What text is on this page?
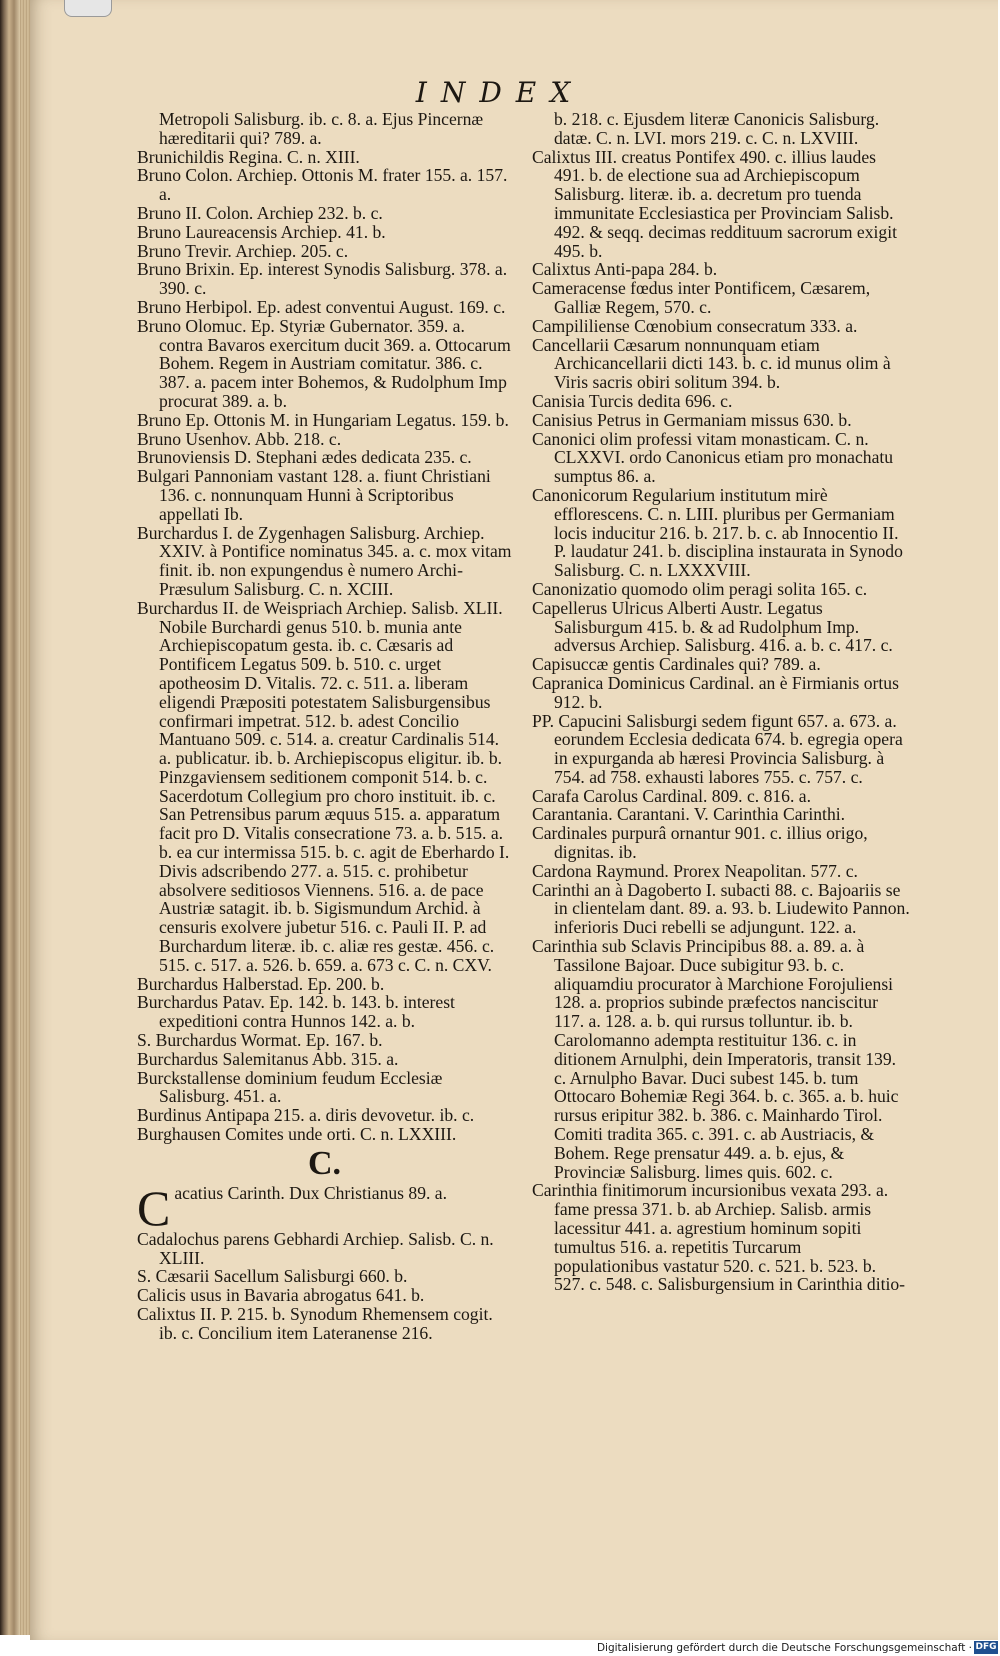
INDEX

Metropoli Salisburg. ib. c. 8. a. Ejus Pincernæ hæreditarii qui? 789. a.

Brunichildis Regina. C. n. XIII.

Bruno Colon. Archiep. Ottonis M. frater 155. a. 157. a.

Bruno II. Colon. Archiep 232. b. c.

Bruno Laureacensis Archiep. 41. b.

Bruno Trevir. Archiep. 205. c.

Bruno Brixin. Ep. interest Synodis Salisburg. 378. a. 390. c.

Bruno Herbipol. Ep. adest conventui August. 169. c.

Bruno Olomuc. Ep. Styriæ Gubernator. 359. a. contra Bavaros exercitum ducit 369. a. Ottocarum Bohem. Regem in Austriam comitatur. 386. c. 387. a. pacem inter Bohemos, & Rudolphum Imp procurat 389. a. b.

Bruno Ep. Ottonis M. in Hungariam Legatus. 159. b.

Bruno Usenhov. Abb. 218. c.

Brunoviensis D. Stephani ædes dedicata 235. c.

Bulgari Pannoniam vastant 128. a. fiunt Christiani 136. c. nonnunquam Hunni à Scriptoribus appellati Ib.

Burchardus I. de Zygenhagen Salisburg. Archiep. XXIV. à Pontifice nominatus 345. a. c. mox vitam finit. ib. non expungendus è numero Archi-Præsulum Salisburg. C. n. XCIII.

Burchardus II. de Weispriach Archiep. Salisb. XLII. Nobile Burchardi genus 510. b. munia ante Archiepiscopatum gesta. ib. c. Cæsaris ad Pontificem Legatus 509. b. 510. c. urget apotheosim D. Vitalis. 72. c. 511. a. liberam eligendi Præpositi potestatem Salisburgensibus confirmari impetrat. 512. b. adest Concilio Mantuano 509. c. 514. a. creatur Cardinalis 514. a. publicatur. ib. b. Archiepiscopus eligitur. ib. b. Pinzgaviensem seditionem componit 514. b. c. Sacerdotum Collegium pro choro instituit. ib. c. San Petrensibus parum æquus 515. a. apparatum facit pro D. Vitalis consecratione 73. a. b. 515. a. b. ea cur intermissa 515. b. c. agit de Eberhardo I. Divis adscribendo 277. a. 515. c. prohibetur absolvere seditiosos Viennens. 516. a. de pace Austriæ satagit. ib. b. Sigismundum Archid. à censuris exolvere jubetur 516. c. Pauli II. P. ad Burchardum literæ. ib. c. aliæ res gestæ. 456. c. 515. c. 517. a. 526. b. 659. a. 673 c. C. n. CXV.

Burchardus Halberstad. Ep. 200. b.

Burchardus Patav. Ep. 142. b. 143. b. interest expeditioni contra Hunnos 142. a. b.

S. Burchardus Wormat. Ep. 167. b.

Burchardus Salemitanus Abb. 315. a.

Burckstallense dominium feudum Ecclesiæ Salisburg. 451. a.

Burdinus Antipapa 215. a. diris devovetur. ib. c.

Burghausen Comites unde orti. C. n. LXXIII.

C.

Cacatius Carinth. Dux Christianus 89. a.

Cadalochus parens Gebhardi Archiep. Salisb. C. n. XLIII.

S. Cæsarii Sacellum Salisburgi 660. b.

Calicis usus in Bavaria abrogatus 641. b.

Calixtus II. P. 215. b. Synodum Rhemensem cogit. ib. c. Concilium item Lateranense 216.

b. 218. c. Ejusdem literæ Canonicis Salisburg. datæ. C. n. LVI. mors 219. c. C. n. LXVIII.

Calixtus III. creatus Pontifex 490. c. illius laudes 491. b. de electione sua ad Archiepiscopum Salisburg. literæ. ib. a. decretum pro tuenda immunitate Ecclesiastica per Provinciam Salisb. 492. & seqq. decimas reddituum sacrorum exigit 495. b.

Calixtus Anti-papa 284. b.

Cameracense fœdus inter Pontificem, Cæsarem, Galliæ Regem, 570. c.

Campililiense Cœnobium consecratum 333. a.

Cancellarii Cæsarum nonnunquam etiam Archicancellarii dicti 143. b. c. id munus olim à Viris sacris obiri solitum 394. b.

Canisia Turcis dedita 696. c.

Canisius Petrus in Germaniam missus 630. b.

Canonici olim professi vitam monasticam. C. n. CLXXVI. ordo Canonicus etiam pro monachatu sumptus 86. a.

Canonicorum Regularium institutum mirè efflorescens. C. n. LIII. pluribus per Germaniam locis inducitur 216. b. 217. b. c. ab Innocentio II. P. laudatur 241. b. disciplina instaurata in Synodo Salisburg. C. n. LXXXVIII.

Canonizatio quomodo olim peragi solita 165. c.

Capellerus Ulricus Alberti Austr. Legatus Salisburgum 415. b. & ad Rudolphum Imp. adversus Archiep. Salisburg. 416. a. b. c. 417. c.

Capisuccæ gentis Cardinales qui? 789. a.

Capranica Dominicus Cardinal. an è Firmianis ortus 912. b.

PP. Capucini Salisburgi sedem figunt 657. a. 673. a. eorundem Ecclesia dedicata 674. b. egregia opera in expurganda ab hæresi Provincia Salisburg. à 754. ad 758. exhausti labores 755. c. 757. c.

Carafa Carolus Cardinal. 809. c. 816. a.

Carantania. Carantani. V. Carinthia Carinthi.

Cardinales purpurâ ornantur 901. c. illius origo, dignitas. ib.

Cardona Raymund. Prorex Neapolitan. 577. c.

Carinthi an à Dagoberto I. subacti 88. c. Bajoariis se in clientelam dant. 89. a. 93. b. Liudewito Pannon. inferioris Duci rebelli se adjungunt. 122. a.

Carinthia sub Sclavis Principibus 88. a. 89. a. à Tassilone Bajoar. Duce subigitur 93. b. c. aliquamdiu procurator à Marchione Forojuliensi 128. a. proprios subinde præfectos nanciscitur 117. a. 128. a. b. qui rursus tolluntur. ib. b. Carolomanno adempta restituitur 136. c. in ditionem Arnulphi, dein Imperatoris, transit 139. c. Arnulpho Bavar. Duci subest 145. b. tum Ottocaro Bohemiæ Regi 364. b. c. 365. a. b. huic rursus eripitur 382. b. 386. c. Mainhardo Tirol. Comiti tradita 365. c. 391. c. ab Austriacis, & Bohem. Rege prensatur 449. a. b. ejus, & Provinciæ Salisburg. limes quis. 602. c.

Carinthia finitimorum incursionibus vexata 293. a. fame pressa 371. b. ab Archiep. Salisb. armis lacessitur 441. a. agrestium hominum sopiti tumultus 516. a. repetitis Turcarum populationibus vastatur 520. c. 521. b. 523. b. 527. c. 548. c. Salisburgensium in Carinthia ditio-

Digitalisierung gefördert durch die Deutsche Forschungsgemeinschaft · DFG
